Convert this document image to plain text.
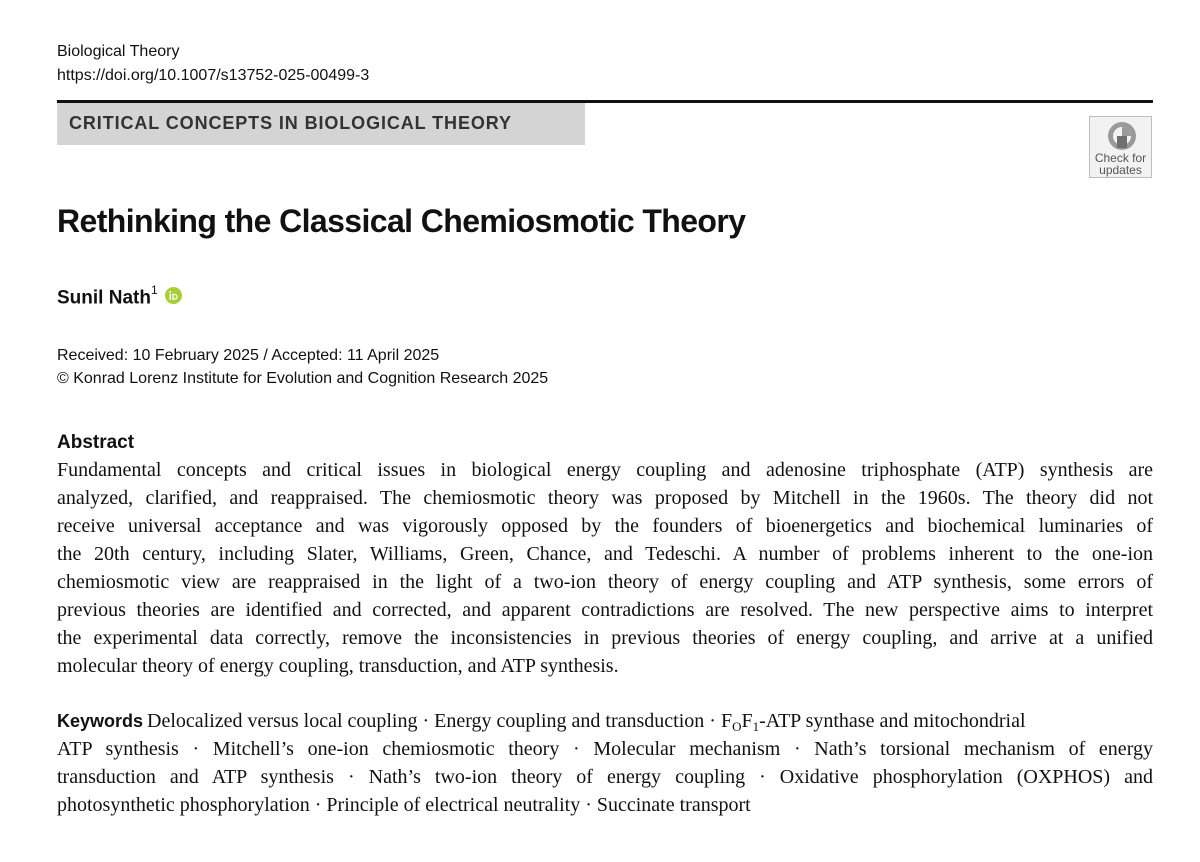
Biological Theory
https://doi.org/10.1007/s13752-025-00499-3
CRITICAL CONCEPTS IN BIOLOGICAL THEORY
Check for updates
Rethinking the Classical Chemiosmotic Theory
Sunil Nath$^1$
Received: 10 February 2025 / Accepted: 11 April 2025
© Konrad Lorenz Institute for Evolution and Cognition Research 2025
Abstract
Fundamental concepts and critical issues in biological energy coupling and adenosine triphosphate (ATP) synthesis are
analyzed, clarified, and reappraised. The chemiosmotic theory was proposed by Mitchell in the 1960s. The theory did not
receive universal acceptance and was vigorously opposed by the founders of bioenergetics and biochemical luminaries of
the 20th century, including Slater, Williams, Green, Chance, and Tedeschi. A number of problems inherent to the one-ion
chemiosmotic view are reappraised in the light of a two-ion theory of energy coupling and ATP synthesis, some errors of
previous theories are identified and corrected, and apparent contradictions are resolved. The new perspective aims to interpret
the experimental data correctly, remove the inconsistencies in previous theories of energy coupling, and arrive at a unified
molecular theory of energy coupling, transduction, and ATP synthesis.
Keywords Delocalized versus local coupling · Energy coupling and transduction · $F_OF_1$-ATP synthase and mitochondrial
ATP synthesis · Mitchell’s one-ion chemiosmotic theory · Molecular mechanism · Nath’s torsional mechanism of energy
transduction and ATP synthesis · Nath’s two-ion theory of energy coupling · Oxidative phosphorylation (OXPHOS) and
photosynthetic phosphorylation · Principle of electrical neutrality · Succinate transport
